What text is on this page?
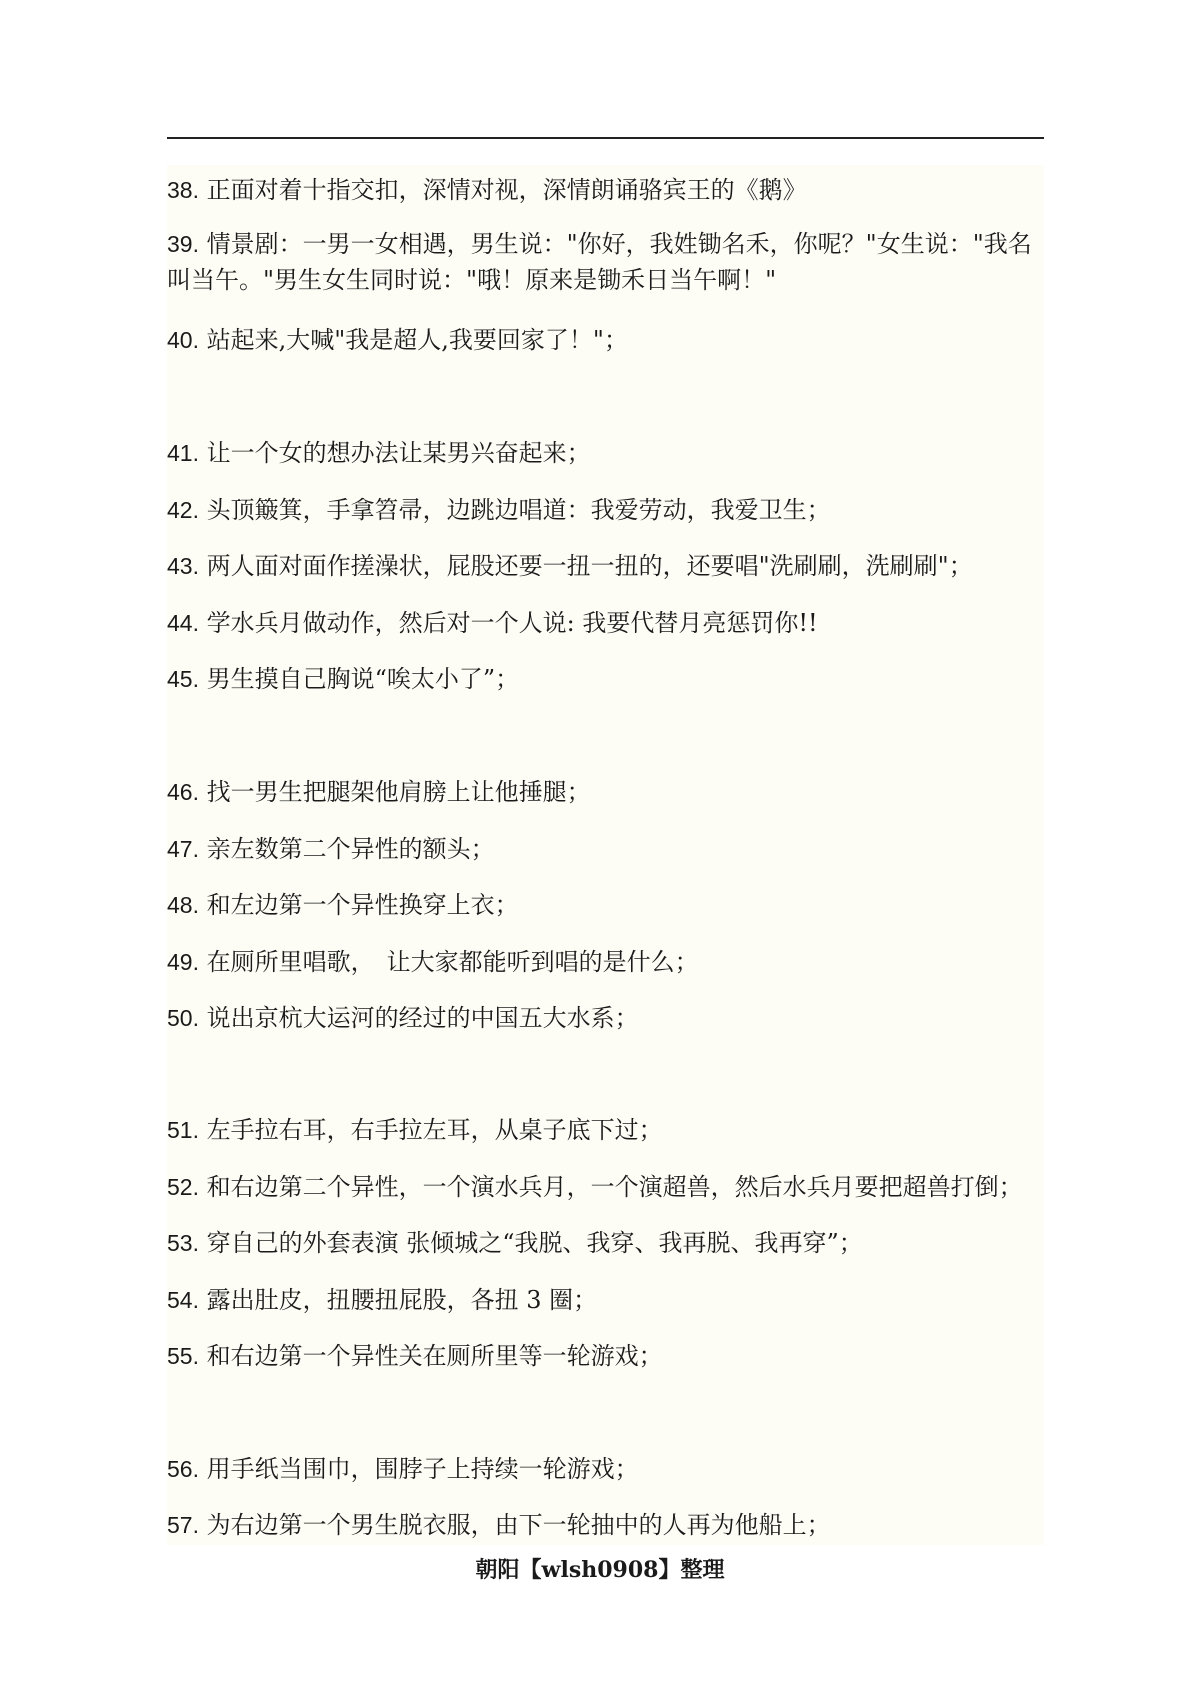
38. 正面对着十指交扣，深情对视，深情朗诵骆宾王的《鹅》

39. 情景剧：一男一女相遇，男生说："你好，我姓锄名禾，你呢？"女生说："我名叫当午。"男生女生同时说："哦！原来是锄禾日当午啊！"

40. 站起来,大喊"我是超人,我要回家了！"；

41. 让一个女的想办法让某男兴奋起来；

42. 头顶簸箕，手拿笤帚，边跳边唱道：我爱劳动，我爱卫生；

43. 两人面对面作搓澡状，屁股还要一扭一扭的，还要唱"洗刷刷，洗刷刷"；

44. 学水兵月做动作，然后对一个人说: 我要代替月亮惩罚你!!

45. 男生摸自己胸说“唉太小了”；

46. 找一男生把腿架他肩膀上让他捶腿；

47. 亲左数第二个异性的额头；

48. 和左边第一个异性换穿上衣；

49. 在厕所里唱歌，　让大家都能听到唱的是什么；

50. 说出京杭大运河的经过的中国五大水系；

51. 左手拉右耳，右手拉左耳，从桌子底下过；

52. 和右边第二个异性，一个演水兵月，一个演超兽，然后水兵月要把超兽打倒；

53. 穿自己的外套表演 张倾城之“我脱、我穿、我再脱、我再穿”；

54. 露出肚皮，扭腰扭屁股，各扭 3 圈；

55. 和右边第一个异性关在厕所里等一轮游戏；

56. 用手纸当围巾，围脖子上持续一轮游戏；

57. 为右边第一个男生脱衣服，由下一轮抽中的人再为他船上；

朝阳【wlsh0908】整理
